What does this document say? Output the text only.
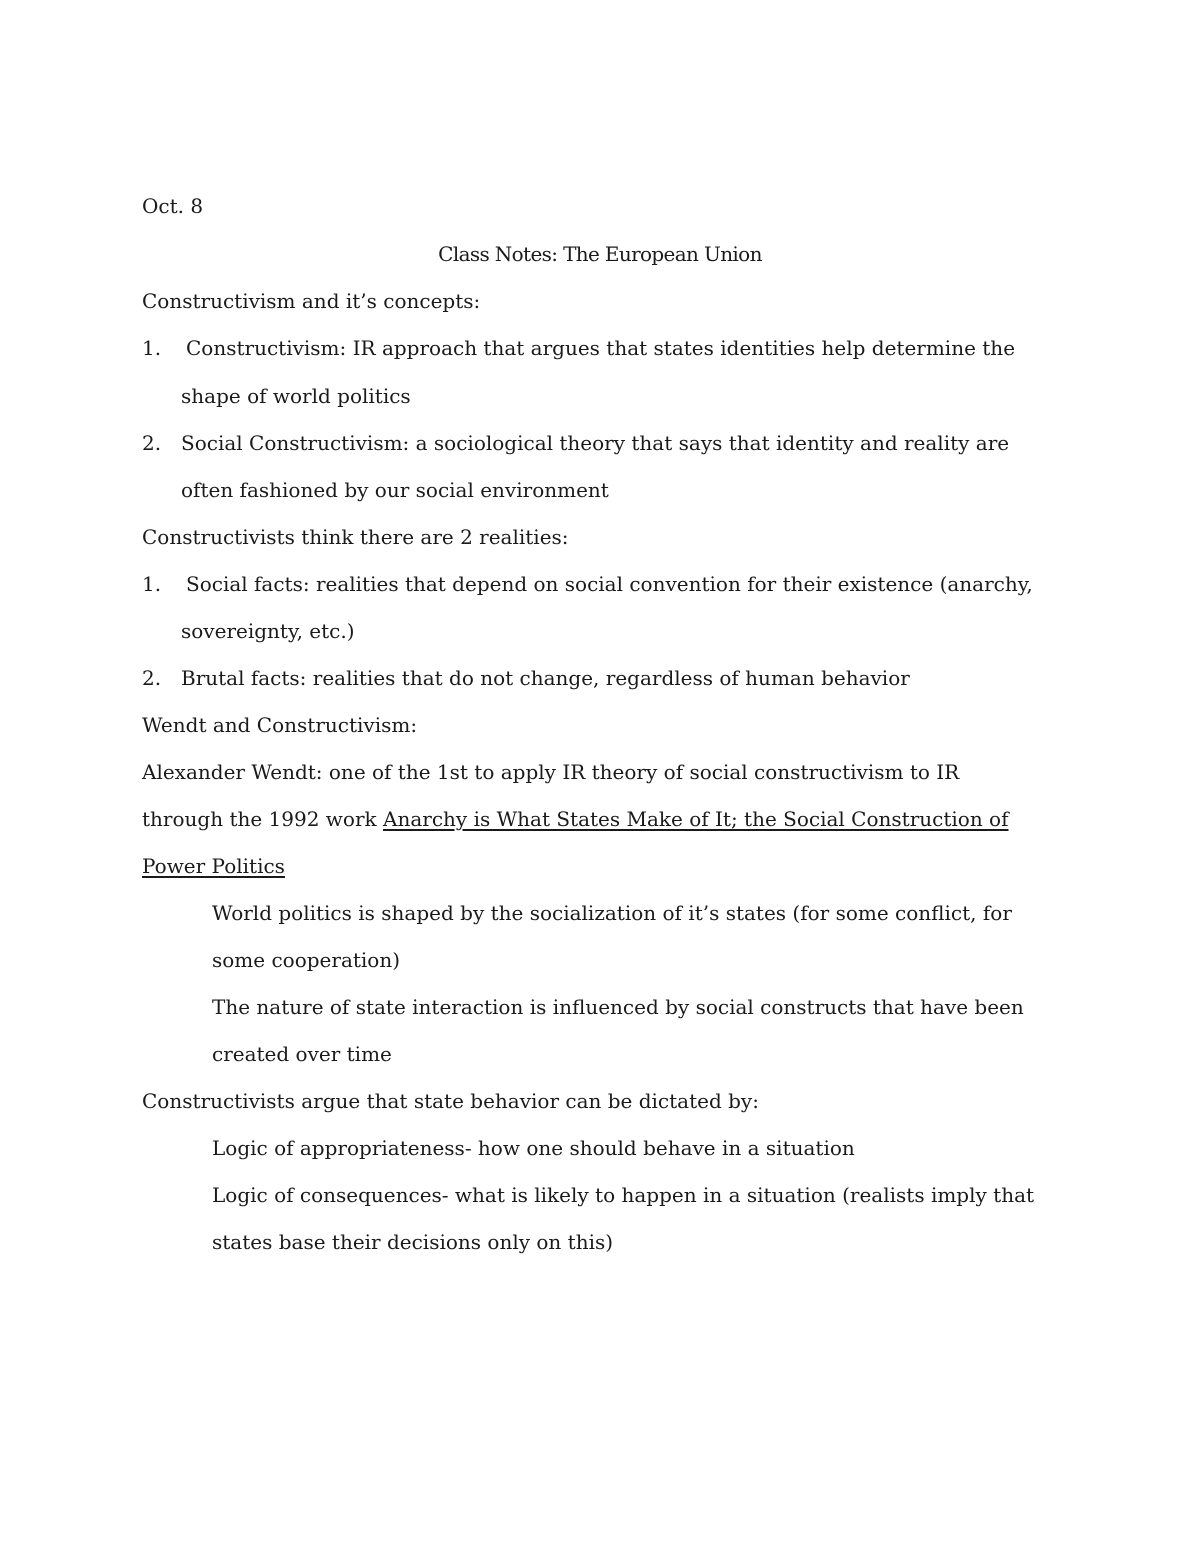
Oct. 8
Class Notes: The European Union
Constructivism and it’s concepts:
1. Constructivism: IR approach that argues that states identities help determine the
shape of world politics
2. Social Constructivism: a sociological theory that says that identity and reality are
often fashioned by our social environment
Constructivists think there are 2 realities:
1. Social facts: realities that depend on social convention for their existence (anarchy,
sovereignty, etc.)
2. Brutal facts: realities that do not change, regardless of human behavior
Wendt and Constructivism:
Alexander Wendt: one of the 1st to apply IR theory of social constructivism to IR
through the 1992 work Anarchy is What States Make of It; the Social Construction of
Power Politics
World politics is shaped by the socialization of it’s states (for some conflict, for
some cooperation)
The nature of state interaction is influenced by social constructs that have been
created over time
Constructivists argue that state behavior can be dictated by:
Logic of appropriateness- how one should behave in a situation
Logic of consequences- what is likely to happen in a situation (realists imply that
states base their decisions only on this)
